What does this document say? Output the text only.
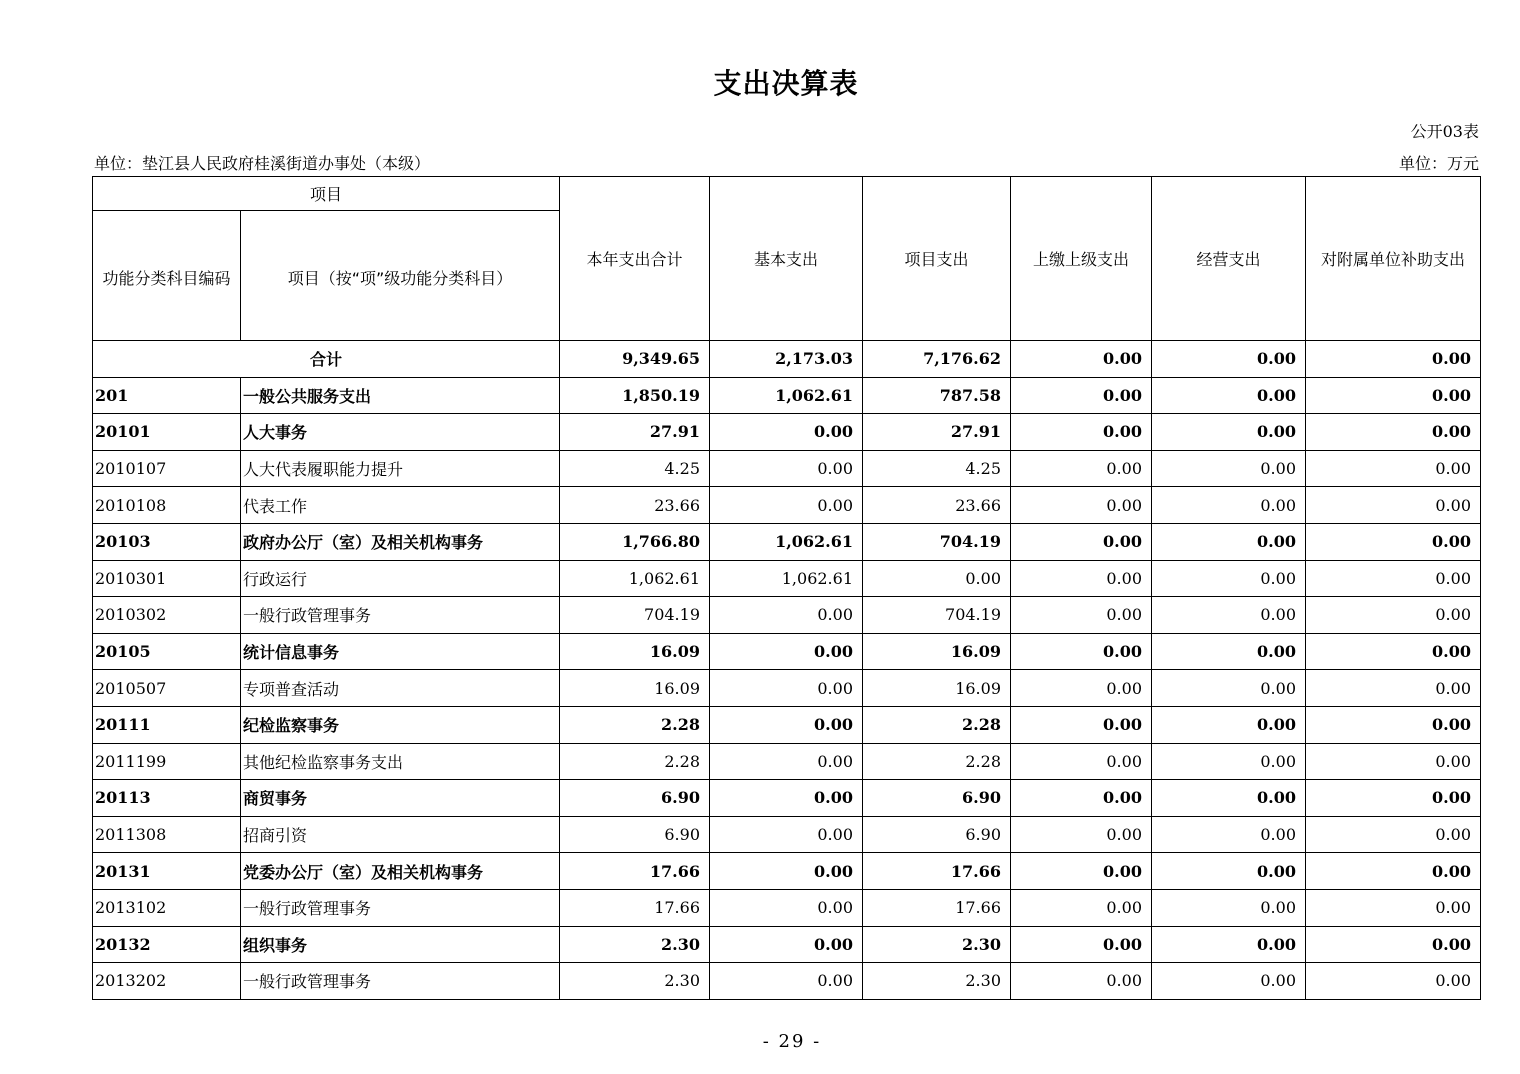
支出决算表
公开03表
单位：垫江县人民政府桂溪街道办事处（本级）	单位：万元
项目		本年支出合计	基本支出	项目支出	上缴上级支出	经营支出	对附属单位补助支出
功能分类科目编码	项目（按“项”级功能分类科目）						
合计		9,349.65	2,173.03	7,176.62	0.00	0.00	0.00
201	一般公共服务支出	1,850.19	1,062.61	787.58	0.00	0.00	0.00
20101	人大事务	27.91	0.00	27.91	0.00	0.00	0.00
2010107	人大代表履职能力提升	4.25	0.00	4.25	0.00	0.00	0.00
2010108	代表工作	23.66	0.00	23.66	0.00	0.00	0.00
20103	政府办公厅（室）及相关机构事务	1,766.80	1,062.61	704.19	0.00	0.00	0.00
2010301	行政运行	1,062.61	1,062.61	0.00	0.00	0.00	0.00
2010302	一般行政管理事务	704.19	0.00	704.19	0.00	0.00	0.00
20105	统计信息事务	16.09	0.00	16.09	0.00	0.00	0.00
2010507	专项普查活动	16.09	0.00	16.09	0.00	0.00	0.00
20111	纪检监察事务	2.28	0.00	2.28	0.00	0.00	0.00
2011199	其他纪检监察事务支出	2.28	0.00	2.28	0.00	0.00	0.00
20113	商贸事务	6.90	0.00	6.90	0.00	0.00	0.00
2011308	招商引资	6.90	0.00	6.90	0.00	0.00	0.00
20131	党委办公厅（室）及相关机构事务	17.66	0.00	17.66	0.00	0.00	0.00
2013102	一般行政管理事务	17.66	0.00	17.66	0.00	0.00	0.00
20132	组织事务	2.30	0.00	2.30	0.00	0.00	0.00
2013202	一般行政管理事务	2.30	0.00	2.30	0.00	0.00	0.00
- 29 -
